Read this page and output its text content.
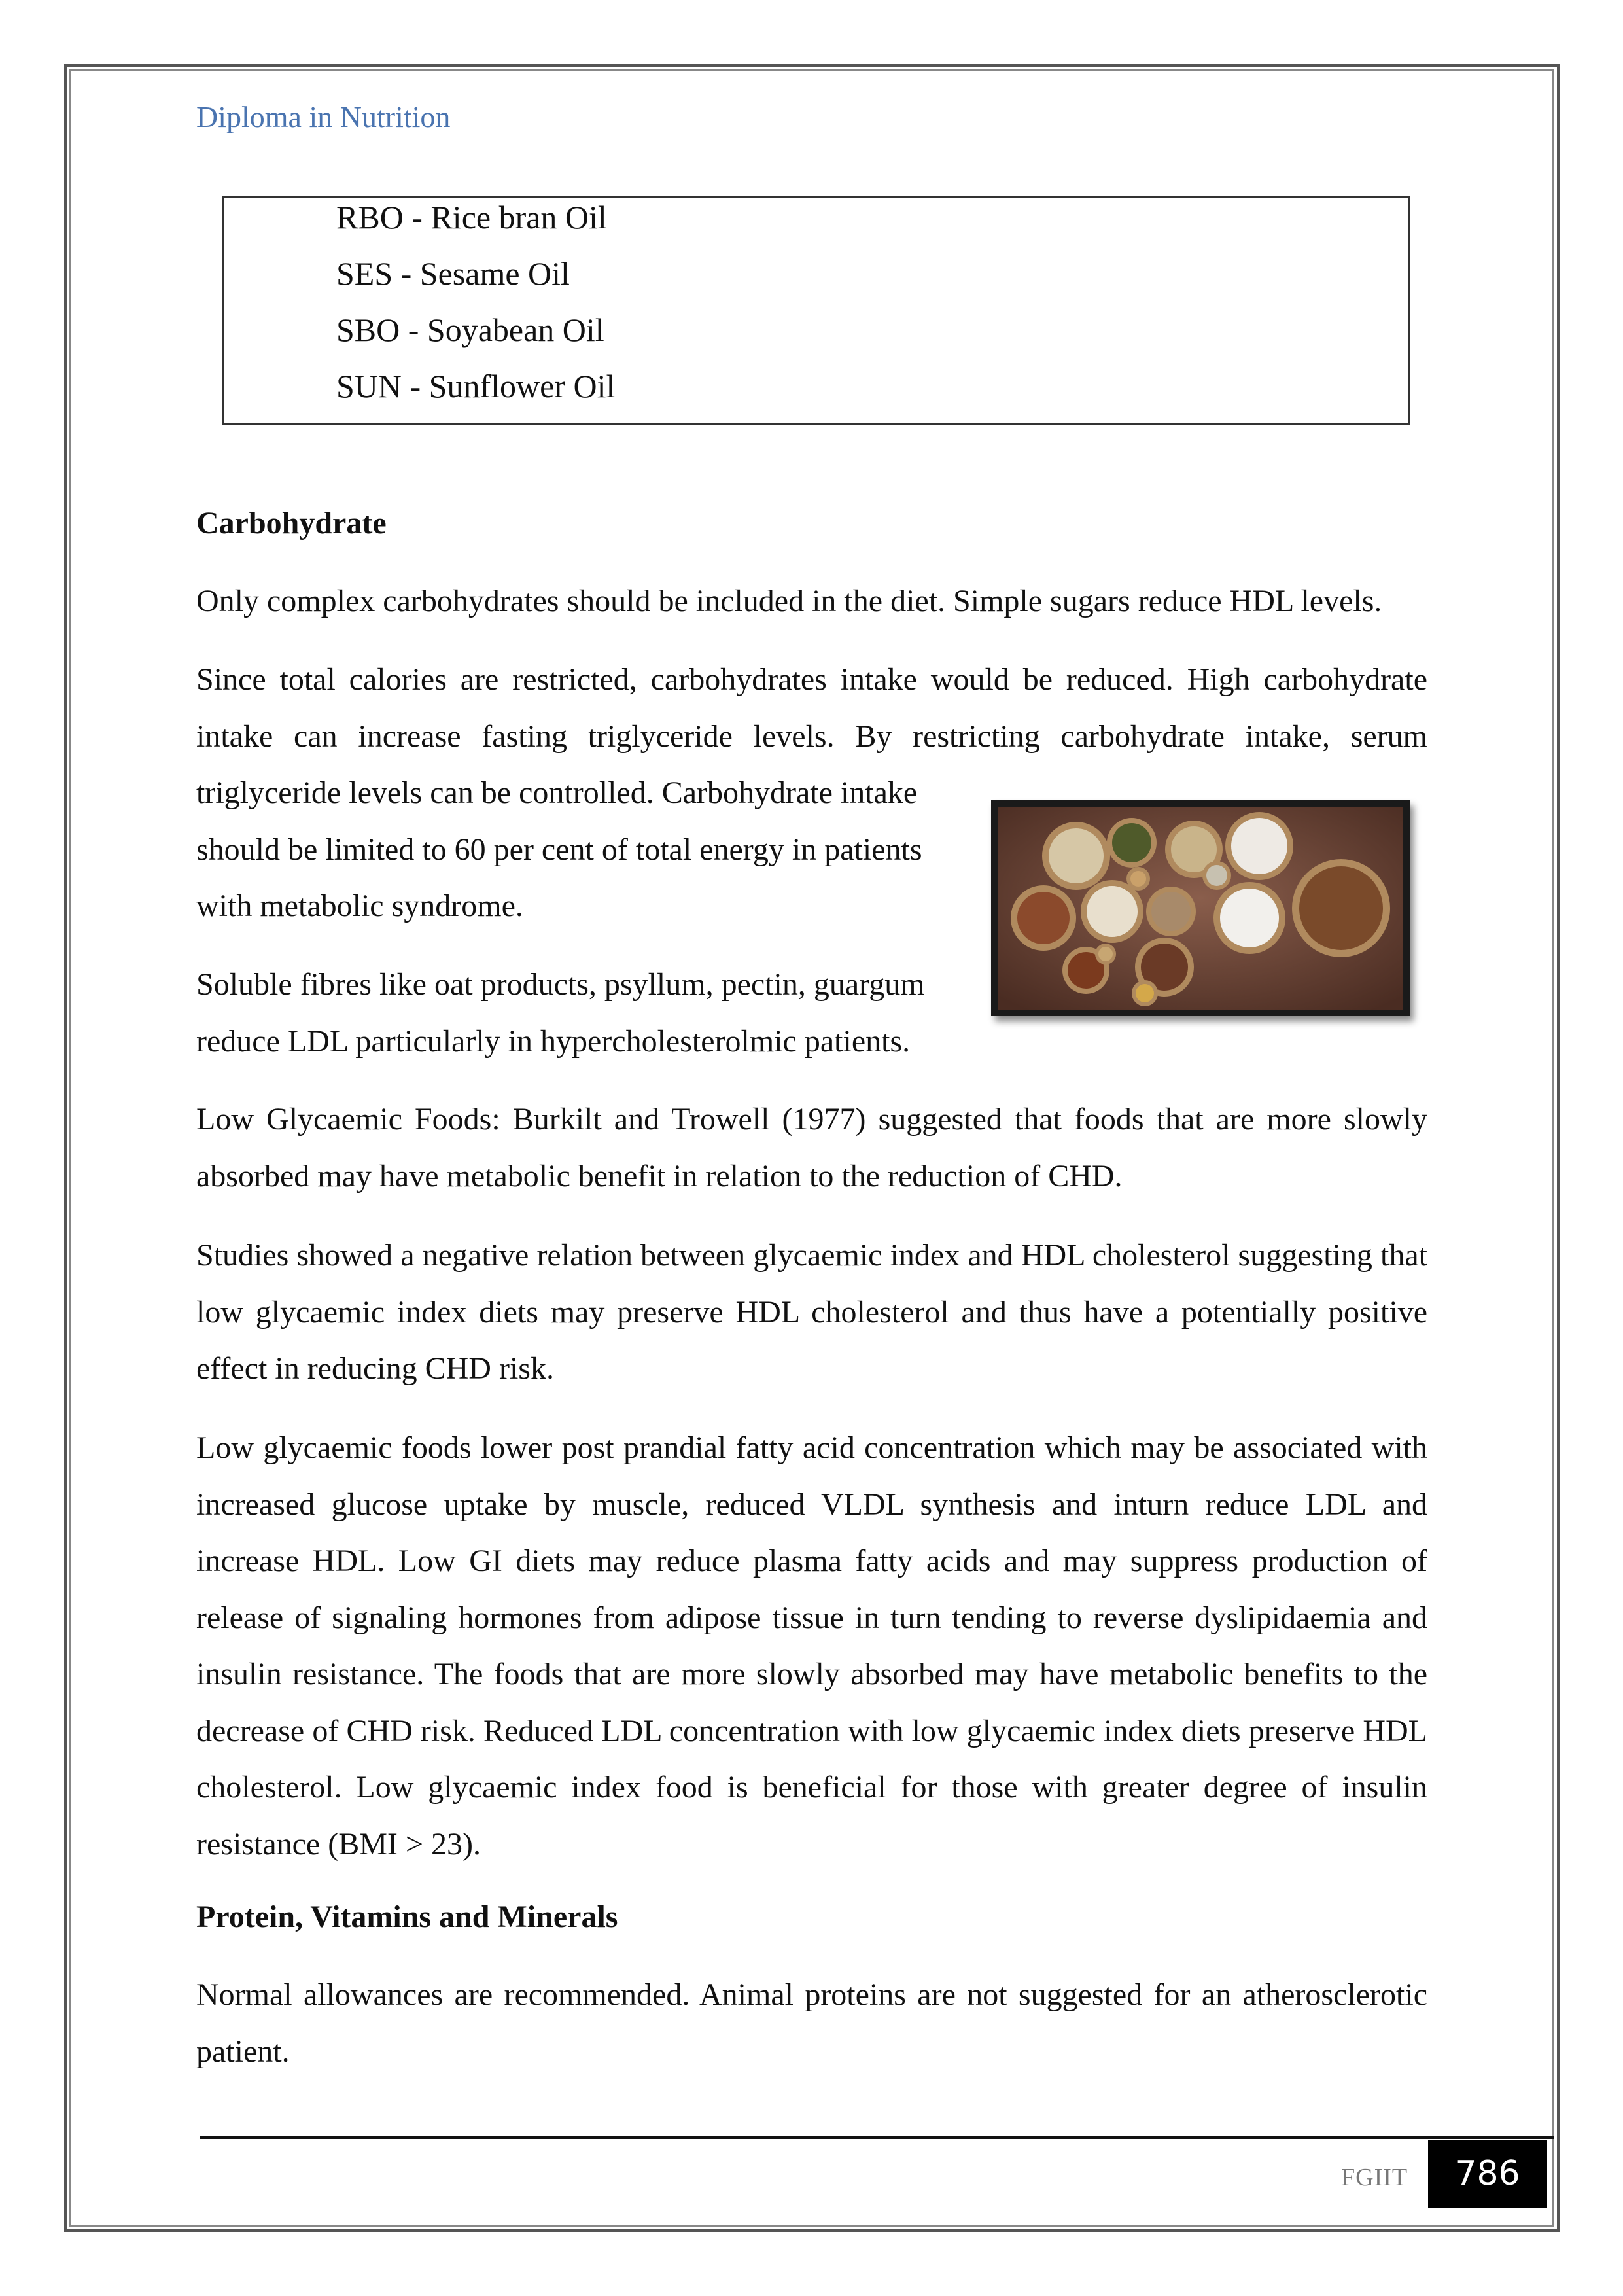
Diploma in Nutrition
RBO - Rice bran Oil
SES - Sesame Oil
SBO - Soyabean Oil
SUN - Sunflower Oil
Carbohydrate

Only complex carbohydrates should be included in the diet. Simple sugars reduce HDL levels.

Since total calories are restricted, carbohydrates intake would be reduced. High carbohydrate intake can increase fasting triglyceride levels. By restricting carbohydrate intake, serum

triglyceride levels can be controlled. Carbohydrate intake should be limited to 60 per cent of total energy in patients with metabolic syndrome.

Soluble fibres like oat products, psyllum, pectin, guargum reduce LDL particularly in hypercholesterolmic patients.

Low Glycaemic Foods: Burkilt and Trowell (1977) suggested that foods that are more slowly absorbed may have metabolic benefit in relation to the reduction of CHD.

Studies showed a negative relation between glycaemic index and HDL cholesterol suggesting that low glycaemic index diets may preserve HDL cholesterol and thus have a potentially positive effect in reducing CHD risk.

Low glycaemic foods lower post prandial fatty acid concentration which may be associated with increased glucose uptake by muscle, reduced VLDL synthesis and inturn reduce LDL and increase HDL. Low GI diets may reduce plasma fatty acids and may suppress production of release of signaling hormones from adipose tissue in turn tending to reverse dyslipidaemia and insulin resistance. The foods that are more slowly absorbed may have metabolic benefits to the decrease of CHD risk. Reduced LDL concentration with low glycaemic index diets preserve HDL cholesterol. Low glycaemic index food is beneficial for those with greater degree of insulin resistance (BMI > 23).

Protein, Vitamins and Minerals

Normal allowances are recommended. Animal proteins are not suggested for an atherosclerotic patient.

FGIIT	786
